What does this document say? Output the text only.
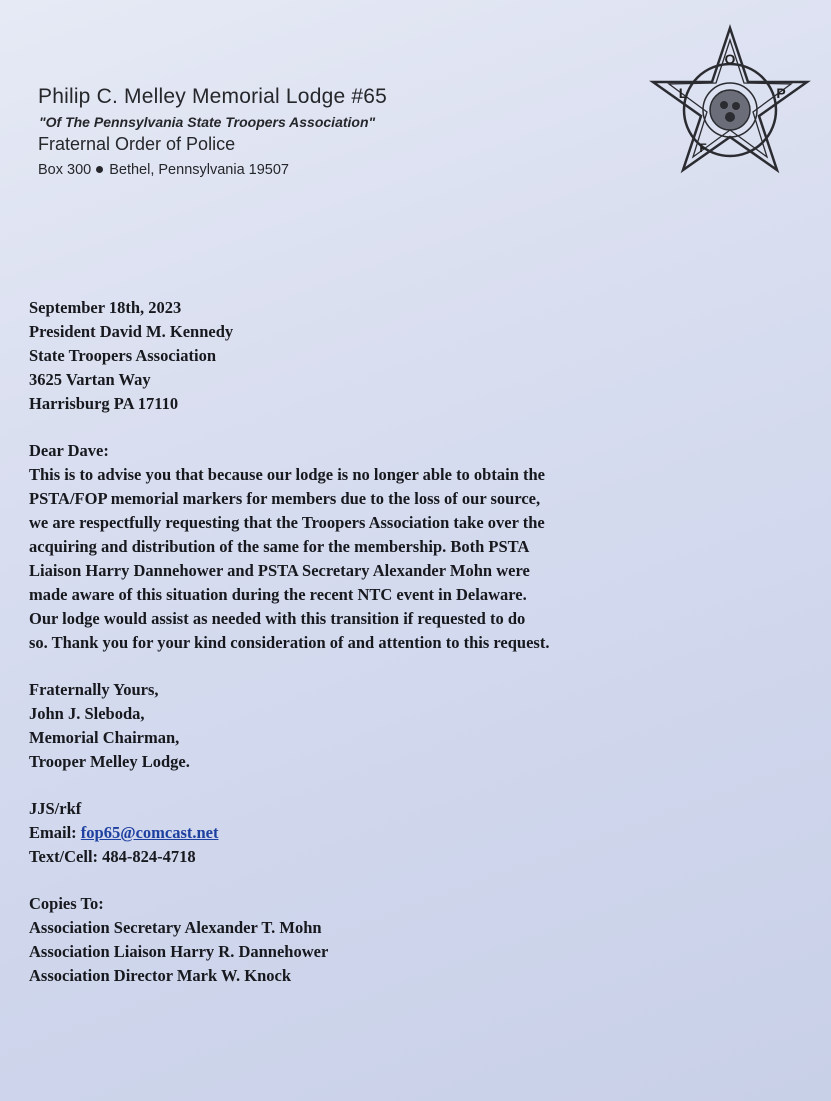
Philip C. Melley Memorial Lodge #65

"Of The Pennsylvania State Troopers Association"

Fraternal Order of Police

Box 300 Bethel, Pennsylvania 19507

O
P
L
F

September 18th, 2023

President David M. Kennedy

State Troopers Association

3625 Vartan Way

Harrisburg PA 17110

Dear Dave:

This is to advise you that because our lodge is no longer able to obtain the

PSTA/FOP memorial markers for members due to the loss of our source,

we are respectfully requesting that the Troopers Association take over the

acquiring and distribution of the same for the membership. Both PSTA

Liaison Harry Dannehower and PSTA Secretary Alexander Mohn were

made aware of this situation during the recent NTC event in Delaware.

Our lodge would assist as needed with this transition if requested to do

so. Thank you for your kind consideration of and attention to this request.

Fraternally Yours,

John J. Sleboda,

Memorial Chairman,

Trooper Melley Lodge.

JJS/rkf

Email: fop65@comcast.net

Text/Cell: 484-824-4718

Copies To:

Association Secretary Alexander T. Mohn

Association Liaison Harry R. Dannehower

Association Director Mark W. Knock
